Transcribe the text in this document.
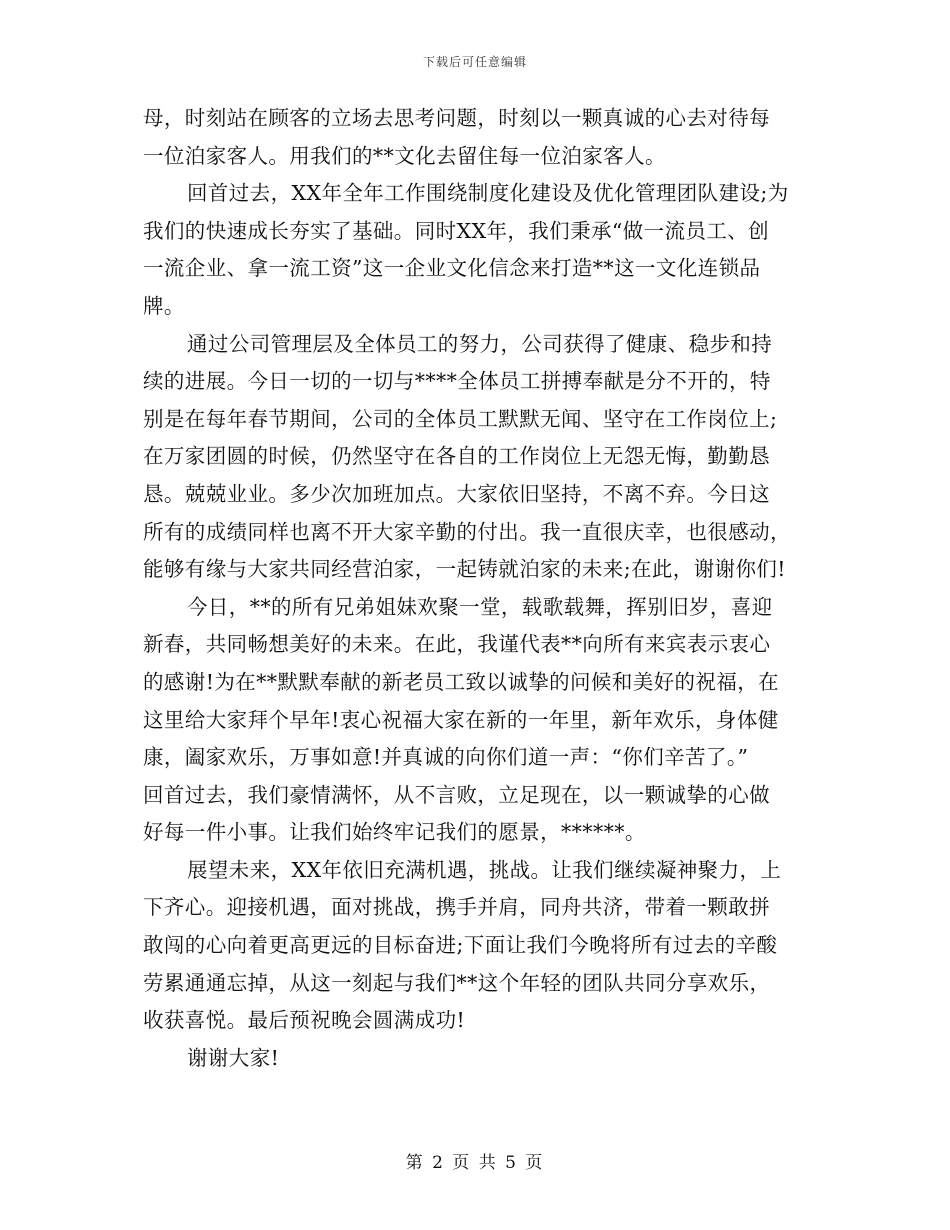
下载后可任意编辑
母，时刻站在顾客的立场去思考问题，时刻以一颗真诚的心去对待每
一位泊家客人。用我们的**文化去留住每一位泊家客人。
回首过去，XX年全年工作围绕制度化建设及优化管理团队建设;为
我们的快速成长夯实了基础。同时XX年，我们秉承“做一流员工、创
一流企业、拿一流工资”这一企业文化信念来打造**这一文化连锁品
牌。
通过公司管理层及全体员工的努力，公司获得了健康、稳步和持
续的进展。今日一切的一切与****全体员工拼搏奉献是分不开的，特
别是在每年春节期间，公司的全体员工默默无闻、坚守在工作岗位上;
在万家团圆的时候，仍然坚守在各自的工作岗位上无怨无悔，勤勤恳
恳。兢兢业业。多少次加班加点。大家依旧坚持，不离不弃。今日这
所有的成绩同样也离不开大家辛勤的付出。我一直很庆幸，也很感动，
能够有缘与大家共同经营泊家，一起铸就泊家的未来;在此，谢谢你们!
今日，**的所有兄弟姐妹欢聚一堂，载歌载舞，挥别旧岁，喜迎
新春，共同畅想美好的未来。在此，我谨代表**向所有来宾表示衷心
的感谢!为在**默默奉献的新老员工致以诚挚的问候和美好的祝福，在
这里给大家拜个早年!衷心祝福大家在新的一年里，新年欢乐，身体健
康，阖家欢乐，万事如意!并真诚的向你们道一声：“你们辛苦了。”
回首过去，我们豪情满怀，从不言败，立足现在，以一颗诚挚的心做
好每一件小事。让我们始终牢记我们的愿景，******。
展望未来，XX年依旧充满机遇，挑战。让我们继续凝神聚力，上
下齐心。迎接机遇，面对挑战，携手并肩，同舟共济，带着一颗敢拼
敢闯的心向着更高更远的目标奋进;下面让我们今晚将所有过去的辛酸
劳累通通忘掉，从这一刻起与我们**这个年轻的团队共同分享欢乐，
收获喜悦。最后预祝晚会圆满成功!
谢谢大家!
第 2 页 共 5 页
